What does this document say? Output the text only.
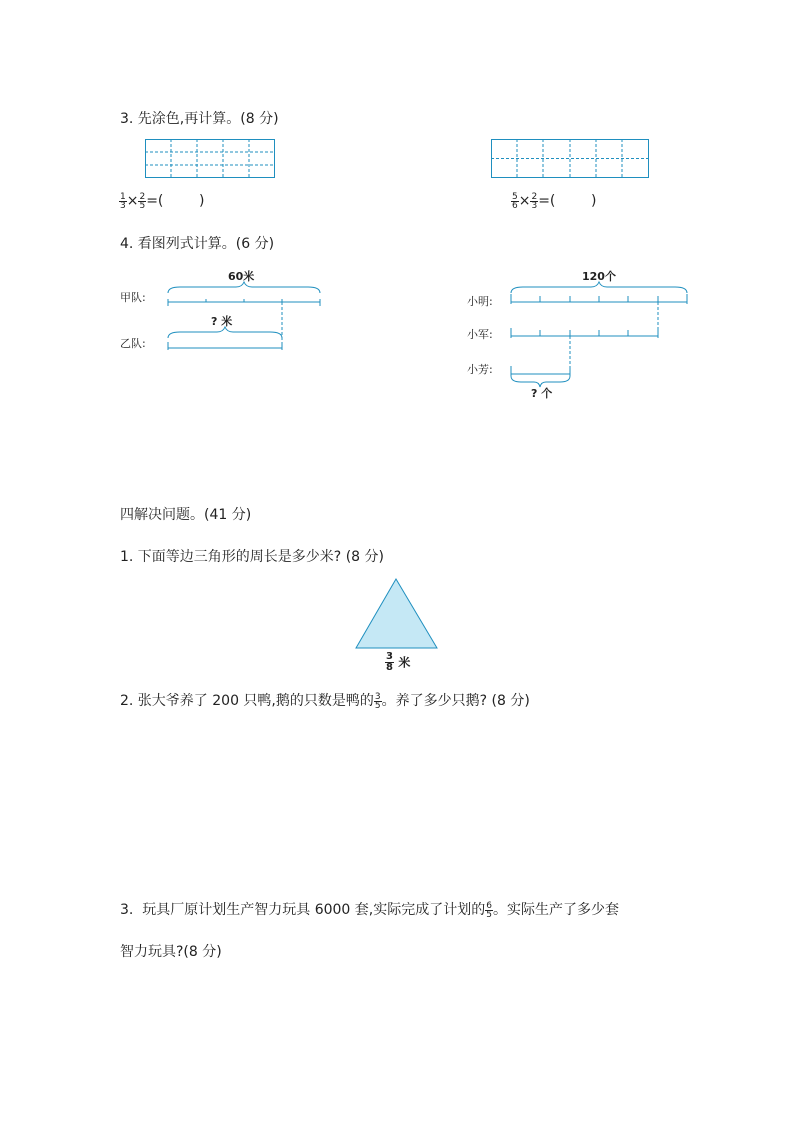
3. 先涂色,再计算。(8 分)
$\frac{1}{3} \times \frac{2}{5}$ =(        )	$\frac{5}{6} \times \frac{2}{3}$ =(        )
4. 看图列式计算。(6 分)
60米
甲队:
? 米
乙队:
120个
小明:
小军:
小芳:
? 个
四解决问题。(41 分)
1. 下面等边三角形的周长是多少米? (8 分)
$\frac{3}{8}$ 米
2. 张大爷养了 200 只鸭,鹅的只数是鸭的 $\frac{3}{5}$ 。养了多少只鹅? (8 分)
3.  玩具厂原计划生产智力玩具 6000 套,实际完成了计划的 $\frac{6}{5}$ 。实际生产了多少套
智力玩具?(8 分)
